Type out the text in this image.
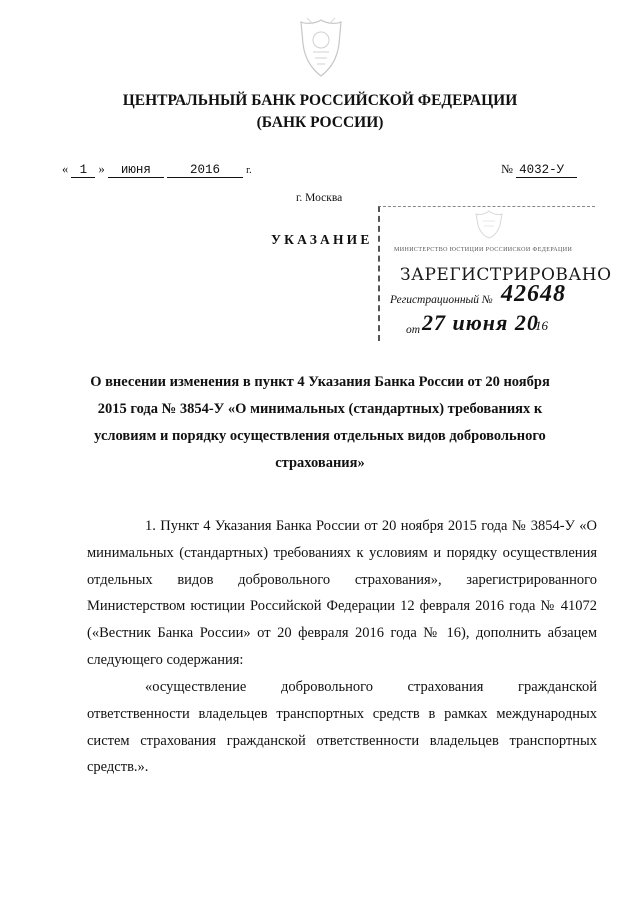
ЦЕНТРАЛЬНЫЙ БАНК РОССИЙСКОЙ ФЕДЕРАЦИИ
(БАНК РОССИИ)
« 1 » июня	2016	г.	№ 4032-У
г. Москва
УКАЗАНИЕ
МИНИСТЕРСТВО ЮСТИЦИИ РОССИЙСКОЙ ФЕДЕРАЦИИ
ЗАРЕГИСТРИРОВАНО
Регистрационный № 42648
от 27 июня 20
16
О внесении изменения в пункт 4 Указания Банка России от 20 ноября 2015 года № 3854-У «О минимальных (стандартных) требованиях к условиям и порядку осуществления отдельных видов добровольного страхования»
1. Пункт 4 Указания Банка России от 20 ноября 2015 года № 3854-У «О минимальных (стандартных) требованиях к условиям и порядку осуществления отдельных видов добровольного страхования», зарегистрированного Министерством юстиции Российской Федерации 12 февраля 2016 года № 41072 («Вестник Банка России» от 20 февраля 2016 года № 16), дополнить абзацем следующего содержания:
«осуществление добровольного страхования гражданской ответственности владельцев транспортных средств в рамках международных систем страхования гражданской ответственности владельцев транспортных средств.».
